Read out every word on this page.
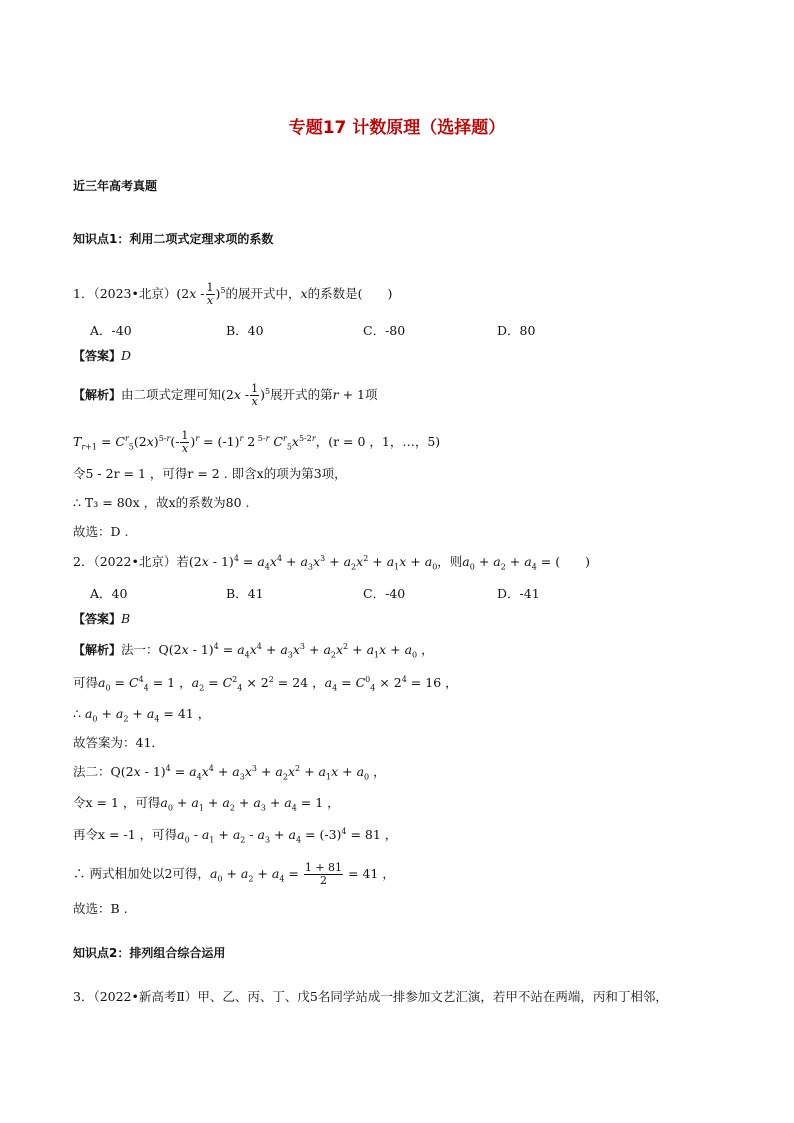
专题17 计数原理（选择题）
近三年高考真题
知识点1：利用二项式定理求项的系数
1．（2023•北京）$(2x - \frac{1}{x} )^5$的展开式中，x的系数是(　　)
A．-40	B．40	C．-80	D．80
【答案】D
【解析】由二项式定理可知$(2x - \frac{1}{x} )^5$展开式的第r + 1项
$T_{r+1} = C^r_5(2x)^{5-r}(- \frac{1}{x} )^r = (-1)^r$ 2 $^{5-r}$ $C^r_5x^{5-2r}$，(r = 0 ，1，…，5)
令5 - 2r = 1 ，可得r = 2 . 即含x的项为第3项，
∴ T₃ = 80x ，故x的系数为80 .
故选：D .
2．（2022•北京）若$(2x - 1)^4 = a_4x^4 + a_3x^3 + a_2x^2 + a_1x + a_0$，则$a_0 + a_2 + a_4$ = (　　)
A．40	B．41	C．-40	D．-41
【答案】B
【解析】法一：$Q(2x - 1)^4 = a_4x^4 + a_3x^3 + a_2x^2 + a_1x + a_0$ ，
可得$a_0 = C^4_4 = 1$ ，$a_2 = C^2_4 \times 2^2 = 24$ ，$a_4 = C^0_4 \times 2^4 = 16$ ，
∴ $a_0 + a_2 + a_4 = 41$ ，
故答案为：41．
法二：$Q(2x - 1)^4 = a_4x^4 + a_3x^3 + a_2x^2 + a_1x + a_0$ ，
令x = 1 ，可得$a_0 + a_1 + a_2 + a_3 + a_4 = 1$ ，
再令x = -1 ，可得$a_0 - a_1 + a_2 - a_3 + a_4 = (-3)^4 = 81$ ，
∴ 两式相加处以2可得，$a_0 + a_2 + a_4 = \frac{1 + 81}{2} = 41$ ，
故选：B .
知识点2：排列组合综合运用
3．（2022•新高考Ⅱ）甲、乙、丙、丁、戊5名同学站成一排参加文艺汇演，若甲不站在两端，丙和丁相邻，
